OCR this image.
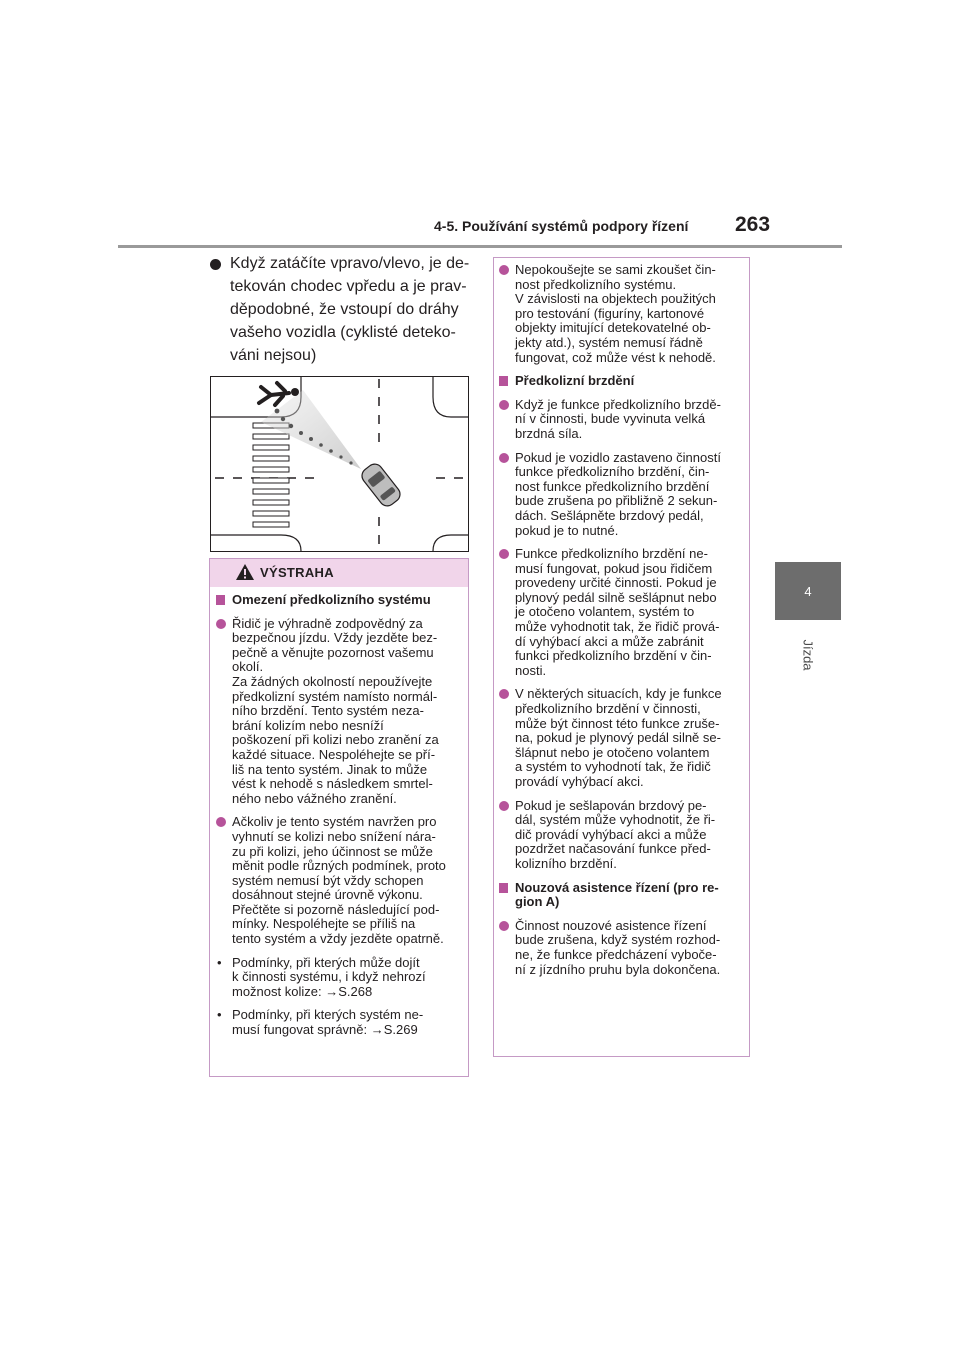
4-5. Používání systémů podpory řízení 263
4
Jízda

Když zatáčíte vpravo/vlevo, je de-
tekován chodec vpředu a je prav-
děpodobné, že vstoupí do dráhy
vašeho vozidla (cyklisté deteko-
váni nejsou)

VÝSTRAHA

Omezení předkolizního systému

Řidič je výhradně zodpovědný za
bezpečnou jízdu. Vždy jezděte bez-
pečně a věnujte pozornost vašemu
okolí.
Za žádných okolností nepoužívejte
předkolizní systém namísto normál-
ního brzdění. Tento systém neza-
brání kolizím nebo nesníží
poškození při kolizi nebo zranění za
každé situace. Nespoléhejte se pří-
liš na tento systém. Jinak to může
vést k nehodě s následkem smrtel-
ného nebo vážného zranění.

Ačkoliv je tento systém navržen pro
vyhnutí se kolizi nebo snížení nára-
zu při kolizi, jeho účinnost se může
měnit podle různých podmínek, proto
systém nemusí být vždy schopen
dosáhnout stejné úrovně výkonu.
Přečtěte si pozorně následující pod-
mínky. Nespoléhejte se příliš na
tento systém a vždy jezděte opatrně.

• Podmínky, při kterých může dojít
k činnosti systému, i když nehrozí
možnost kolize: →S.268

• Podmínky, při kterých systém ne-
musí fungovat správně: →S.269

Nepokoušejte se sami zkoušet čin-
nost předkolizního systému.
V závislosti na objektech použitých
pro testování (figuríny, kartonové
objekty imitující detekovatelné ob-
jekty atd.), systém nemusí řádně
fungovat, což může vést k nehodě.

Předkolizní brzdění

Když je funkce předkolizního brzdě-
ní v činnosti, bude vyvinuta velká
brzdná síla.

Pokud je vozidlo zastaveno činností
funkce předkolizního brzdění, čin-
nost funkce předkolizního brzdění
bude zrušena po přibližně 2 sekun-
dách. Sešlápněte brzdový pedál,
pokud je to nutné.

Funkce předkolizního brzdění ne-
musí fungovat, pokud jsou řidičem
provedeny určité činnosti. Pokud je
plynový pedál silně sešlápnut nebo
je otočeno volantem, systém to
může vyhodnotit tak, že řidič prová-
dí vyhýbací akci a může zabránit
funkci předkolizního brzdění v čin-
nosti.

V některých situacích, kdy je funkce
předkolizního brzdění v činnosti,
může být činnost této funkce zruše-
na, pokud je plynový pedál silně se-
šlápnut nebo je otočeno volantem
a systém to vyhodnotí tak, že řidič
provádí vyhýbací akci.

Pokud je sešlapován brzdový pe-
dál, systém může vyhodnotit, že ři-
dič provádí vyhýbací akci a může
pozdržet načasování funkce před-
kolizního brzdění.

Nouzová asistence řízení (pro re-
gion A)

Činnost nouzové asistence řízení
bude zrušena, když systém rozhod-
ne, že funkce předcházení vyboče-
ní z jízdního pruhu byla dokončena.
